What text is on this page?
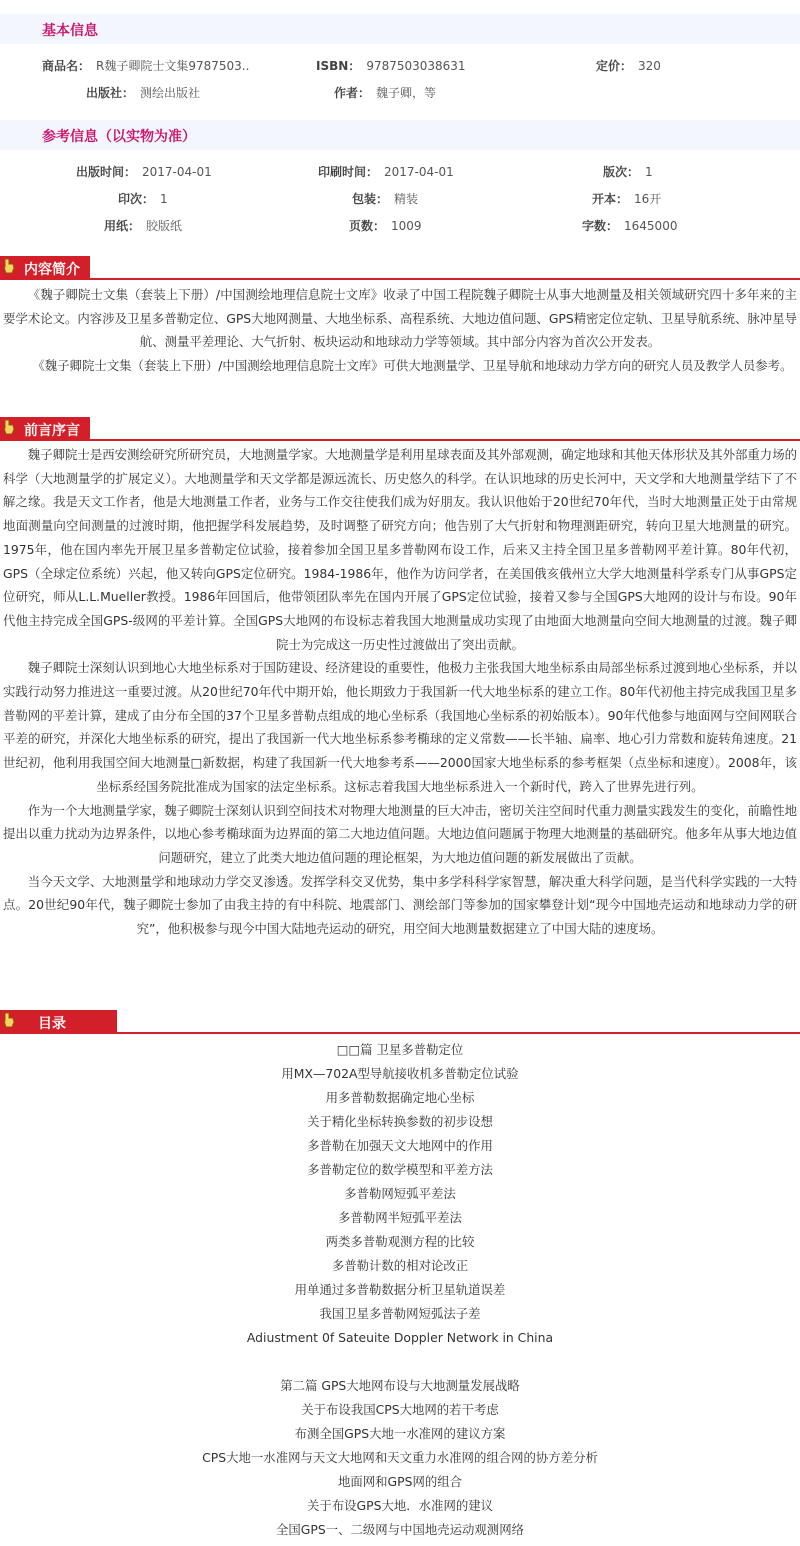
基本信息
商品名： R魏子卿院士文集9787503..	ISBN： 9787503038631	定价： 320
出版社： 测绘出版社	作者： 魏子卿，等
参考信息（以实物为准）
出版时间： 2017-04-01	印刷时间： 2017-04-01	版次： 1
印次： 1	包装： 精装	开本： 16开
用纸： 胶版纸	页数： 1009	字数： 1645000
内容简介
《魏子卿院士文集（套装上下册）/中国测绘地理信息院士文库》收录了中国工程院魏子卿院士从事大地测量及相关领域研究四十多年来的主要学术论文。内容涉及卫星多普勒定位、GPS大地网测量、大地坐标系、高程系统、大地边值问题、GPS精密定位定轨、卫星导航系统、脉冲星导航、测量平差理论、大气折射、板块运动和地球动力学等领域。其中部分内容为首次公开发表。
《魏子卿院士文集（套装上下册）/中国测绘地理信息院士文库》可供大地测量学、卫星导航和地球动力学方向的研究人员及教学人员参考。
前言序言
魏子卿院士是西安测绘研究所研究员，大地测量学家。大地测量学是利用星球表面及其外部观测，确定地球和其他天体形状及其外部重力场的科学（大地测量学的扩展定义）。大地测量学和天文学都是源远流长、历史悠久的科学。在认识地球的历史长河中，天文学和大地测量学结下了不解之缘。我是天文工作者，他是大地测量工作者，业务与工作交往使我们成为好朋友。我认识他始于20世纪70年代，当时大地测量正处于由常规地面测量向空间测量的过渡时期，他把握学科发展趋势，及时调整了研究方向；他告别了大气折射和物理测距研究，转向卫星大地测量的研究。1975年，他在国内率先开展卫星多普勒定位试验，接着参加全国卫星多普勒网布设工作，后来又主持全国卫星多普勒网平差计算。80年代初，GPS（全球定位系统）兴起，他又转向GPS定位研究。1984-1986年，他作为访问学者，在美国俄亥俄州立大学大地测量科学系专门从事GPS定位研究，师从L.L.Mueller教授。1986年回国后，他带领团队率先在国内开展了GPS定位试验，接着又参与全国GPS大地网的设计与布设。90年代他主持完成全国GPS-级网的平差计算。全国GPS大地网的布设标志着我国大地测量成功实现了由地面大地测量向空间大地测量的过渡。魏子卿院士为完成这一历史性过渡做出了突出贡献。
魏子卿院士深刻认识到地心大地坐标系对于国防建设、经济建设的重要性，他极力主张我国大地坐标系由局部坐标系过渡到地心坐标系，并以实践行动努力推进这一重要过渡。从20世纪70年代中期开始，他长期致力于我国新一代大地坐标系的建立工作。80年代初他主持完成我国卫星多普勒网的平差计算，建成了由分布全国的37个卫星多普勒点组成的地心坐标系（我国地心坐标系的初始版本）。90年代他参与地面网与空间网联合平差的研究，并深化大地坐标系的研究，提出了我国新一代大地坐标系参考椭球的定义常数——长半轴、扁率、地心引力常数和旋转角速度。21世纪初，他利用我国空间大地测量□新数据，构建了我国新一代大地参考系——2000国家大地坐标系的参考框架（点坐标和速度）。2008年，该坐标系经国务院批准成为国家的法定坐标系。这标志着我国大地坐标系进入一个新时代，跨入了世界先进行列。
作为一个大地测量学家，魏子卿院士深刻认识到空间技术对物理大地测量的巨大冲击，密切关注空间时代重力测量实践发生的变化，前瞻性地提出以重力扰动为边界条件，以地心参考椭球面为边界面的第二大地边值问题。大地边值问题属于物理大地测量的基础研究。他多年从事大地边值问题研究，建立了此类大地边值问题的理论框架，为大地边值问题的新发展做出了贡献。
当今天文学、大地测量学和地球动力学交叉渗透。发挥学科交叉优势，集中多学科科学家智慧，解决重大科学问题，是当代科学实践的一大特点。20世纪90年代，魏子卿院士参加了由我主持的有中科院、地震部门、测绘部门等参加的国家攀登计划“现今中国地壳运动和地球动力学的研究”，他积极参与现今中国大陆地壳运动的研究，用空间大地测量数据建立了中国大陆的速度场。
目录
□□篇 卫星多普勒定位
用MX—702A型导航接收机多普勒定位试验
用多普勒数据确定地心坐标
关于精化坐标转换参数的初步设想
多普勒在加强天文大地网中的作用
多普勒定位的数学模型和平差方法
多普勒网短弧平差法
多普勒网半短弧平差法
两类多普勒观测方程的比较
多普勒计数的相对论改正
用单通过多普勒数据分析卫星轨道误差
我国卫星多普勒网短弧法子差
Adiustment 0f Sateuite Doppler Network in China
第二篇 GPS大地网布设与大地测量发展战略
关于布设我国CPS大地网的若干考虑
布测全国GPS大地一水准网的建议方案
CPS大地一水准网与天文大地网和天文重力水准网的组合网的协方差分析
地面网和GPS网的组合
关于布设GPS大地．水准网的建议
全国GPS一、二级网与中国地壳运动观测网络
